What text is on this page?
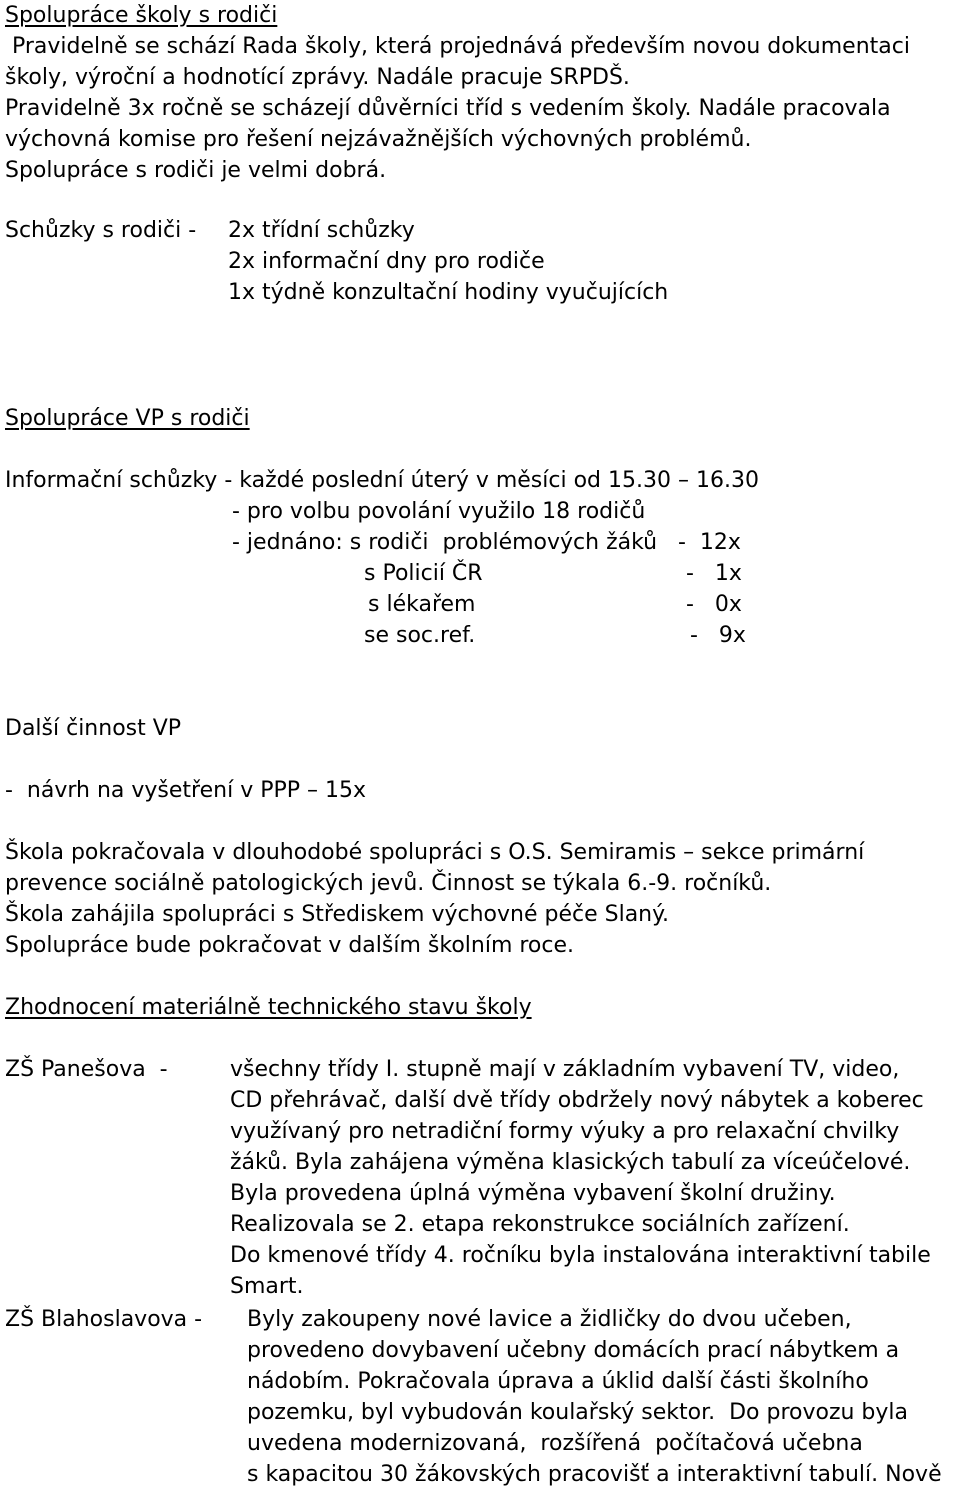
Spolupráce školy s rodiči

Pravidelně se schází Rada školy, která projednává především novou dokumentaci

školy, výroční a hodnotící zprávy. Nadále pracuje SRPDŠ.

Pravidelně 3x ročně se scházejí důvěrníci tříd s vedením školy. Nadále pracovala

výchovná komise pro řešení nejzávažnějších výchovných problémů.

Spolupráce s rodiči je velmi dobrá.

Schůzky s rodiči - 2x třídní schůzky

2x informační dny pro rodiče

1x týdně konzultační hodiny vyučujících

Spolupráce VP s rodiči

Informační schůzky - každé poslední úterý v měsíci od 15.30 – 16.30

- pro volbu povolání využilo 18 rodičů

- jednáno: s rodiči  problémových žáků -  12x

s Policií ČR	-   1x

s lékařem	-   0x

se soc.ref.	-   9x

Další činnost VP

-  návrh na vyšetření v PPP – 15x

Škola pokračovala v dlouhodobé spolupráci s O.S. Semiramis – sekce primární

prevence sociálně patologických jevů. Činnost se týkala 6.-9. ročníků.

Škola zahájila spolupráci s Střediskem výchovné péče Slaný.

Spolupráce bude pokračovat v dalším školním roce.

Zhodnocení materiálně technického stavu školy

ZŠ Panešova  -	všechny třídy I. stupně mají v základním vybavení TV, video,

CD přehrávač, další dvě třídy obdržely nový nábytek a koberec

využívaný pro netradiční formy výuky a pro relaxační chvilky

žáků. Byla zahájena výměna klasických tabulí za víceúčelové.

Byla provedena úplná výměna vybavení školní družiny.

Realizovala se 2. etapa rekonstrukce sociálních zařízení.

Do kmenové třídy 4. ročníku byla instalována interaktivní tabile

Smart.

ZŠ Blahoslavova - Byly zakoupeny nové lavice a židličky do dvou učeben,

provedeno dovybavení učebny domácích prací nábytkem a

nádobím. Pokračovala úprava a úklid další části školního

pozemku, byl vybudován koulařský sektor.  Do provozu byla

uvedena modernizovaná,  rozšířená  počítačová učebna

s kapacitou 30 žákovských pracovišť a interaktivní tabulí. Nově
